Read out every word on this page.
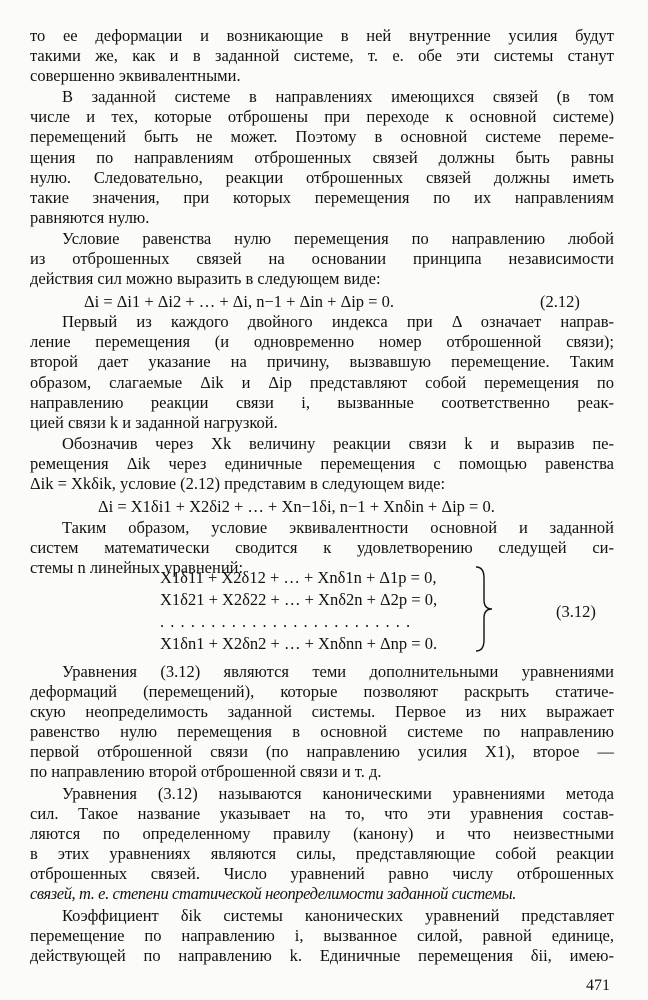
то ее деформации и возникающие в ней внутренние усилия будут
такими же, как и в заданной системе, т. е. обе эти системы станут
совершенно эквивалентными.
В заданной системе в направлениях имеющихся связей (в том
числе и тех, которые отброшены при переходе к основной системе)
перемещений быть не может. Поэтому в основной системе переме-
щения по направлениям отброшенных связей должны быть равны
нулю. Следовательно, реакции отброшенных связей должны иметь
такие значения, при которых перемещения по их направлениям
равняются нулю.
Условие равенства нулю перемещения по направлению любой
из отброшенных связей на основании принципа независимости
действия сил можно выразить в следующем виде:
Δi = Δi1 + Δi2 + … + Δi, n−1 + Δin + Δip = 0.	(2.12)
Первый из каждого двойного индекса при Δ означает направ-
ление перемещения (и одновременно номер отброшенной связи);
второй дает указание на причину, вызвавшую перемещение. Таким
образом, слагаемые Δik и Δip представляют собой перемещения по
направлению реакции связи i, вызванные соответственно реак-
цией связи k и заданной нагрузкой.
Обозначив через Xk величину реакции связи k и выразив пе-
ремещения Δik через единичные перемещения с помощью равенства
Δik = Xkδik, условие (2.12) представим в следующем виде:
Δi = X1δi1 + X2δi2 + … + Xn−1δi, n−1 + Xnδin + Δip = 0.
Таким образом, условие эквивалентности основной и заданной
систем математически сводится к удовлетворению следущей си-
стемы n линейных уравнений:
X1δ11 + X2δ12 + … + Xnδ1n + Δ1p = 0,
X1δ21 + X2δ22 + … + Xnδ2n + Δ2p = 0,
. . . . . . . . . . . . . . . . . . . . . . . . .
X1δn1 + X2δn2 + … + Xnδnn + Δnp = 0.
(3.12)
Уравнения (3.12) являются теми дополнительными уравнениями
деформаций (перемещений), которые позволяют раскрыть статиче-
скую неопределимость заданной системы. Первое из них выражает
равенство нулю перемещения в основной системе по направлению
первой отброшенной связи (по направлению усилия X1), второе —
по направлению второй отброшенной связи и т. д.
Уравнения (3.12) называются каноническими уравнениями метода
сил. Такое название указывает на то, что эти уравнения состав-
ляются по определенному правилу (канону) и что неизвестными
в этих уравнениях являются силы, представляющие собой реакции
отброшенных связей. Число уравнений равно числу отброшенных
связей, т. е. степени статической неопределимости заданной системы.
Коэффициент δik системы канонических уравнений представляет
перемещение по направлению i, вызванное силой, равной единице,
действующей по направлению k. Единичные перемещения δii, имею-
471
